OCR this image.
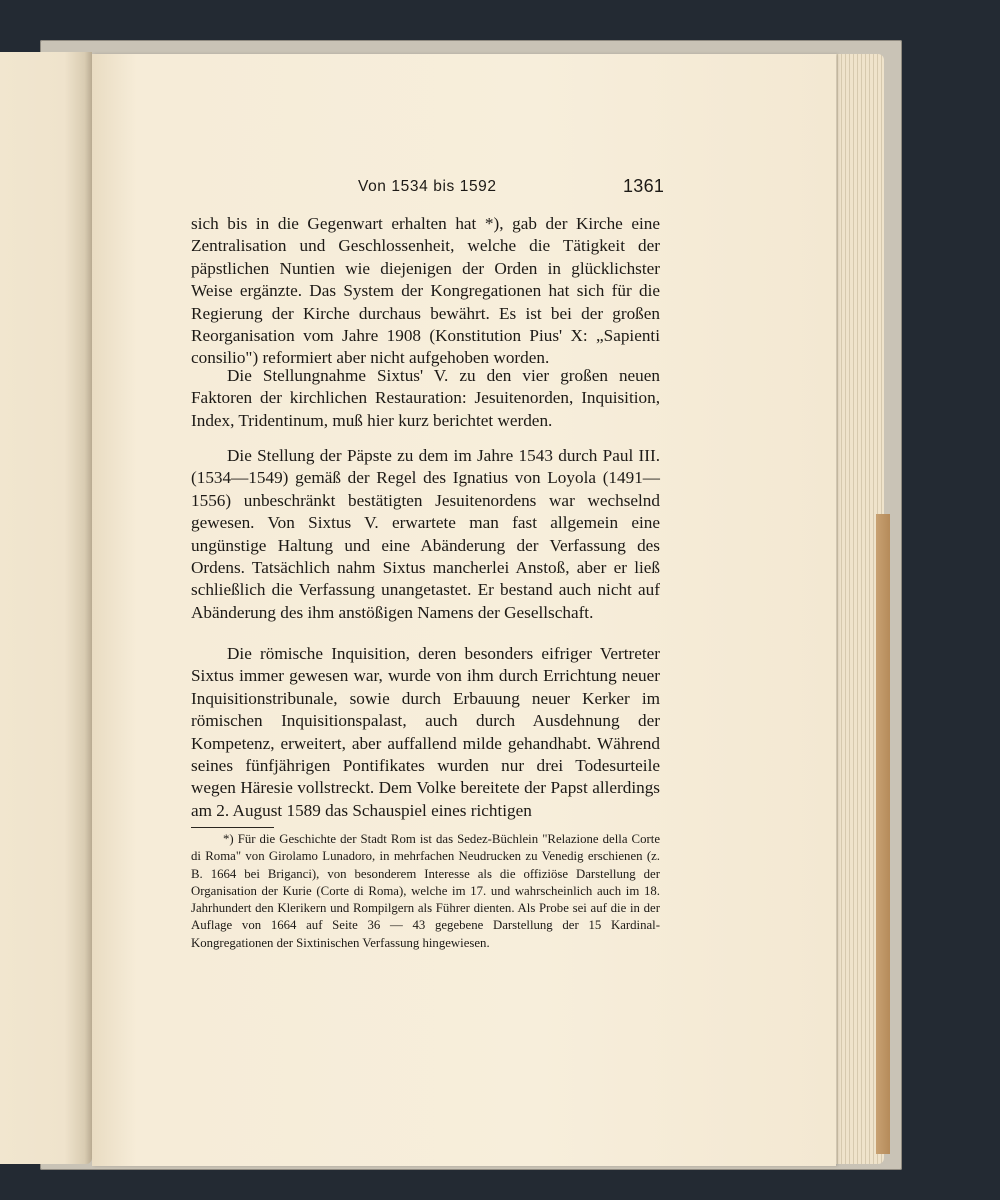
Von 1534 bis 1592	1361

sich bis in die Gegenwart erhalten hat *), gab der Kirche eine Zentralisation und Geschlossenheit, welche die Tätigkeit der päpstlichen Nuntien wie diejenigen der Orden in glücklichster Weise ergänzte. Das System der Kongregationen hat sich für die Regierung der Kirche durchaus bewährt. Es ist bei der großen Reorganisation vom Jahre 1908 (Konstitution Pius' X: „Sapienti consilio") reformiert aber nicht aufgehoben worden.

Die Stellungnahme Sixtus' V. zu den vier großen neuen Faktoren der kirchlichen Restauration: Jesuitenorden, Inquisition, Index, Tridentinum, muß hier kurz berichtet werden.

Die Stellung der Päpste zu dem im Jahre 1543 durch Paul III. (1534—1549) gemäß der Regel des Ignatius von Loyola (1491—1556) unbeschränkt bestätigten Jesuitenordens war wechselnd gewesen. Von Sixtus V. erwartete man fast allgemein eine ungünstige Haltung und eine Abänderung der Verfassung des Ordens. Tatsächlich nahm Sixtus mancherlei Anstoß, aber er ließ schließlich die Verfassung unangetastet. Er bestand auch nicht auf Abänderung des ihm anstößigen Namens der Gesellschaft.

Die römische Inquisition, deren besonders eifriger Vertreter Sixtus immer gewesen war, wurde von ihm durch Errichtung neuer Inquisitionstribunale, sowie durch Erbauung neuer Kerker im römischen Inquisitionspalast, auch durch Ausdehnung der Kompetenz, erweitert, aber auffallend milde gehandhabt. Während seines fünfjährigen Pontifikates wurden nur drei Todesurteile wegen Häresie vollstreckt. Dem Volke bereitete der Papst allerdings am 2. August 1589 das Schauspiel eines richtigen

*) Für die Geschichte der Stadt Rom ist das Sedez-Büchlein "Relazione della Corte di Roma" von Girolamo Lunadoro, in mehrfachen Neudrucken zu Venedig erschienen (z. B. 1664 bei Briganci), von besonderem Interesse als die offiziöse Darstellung der Organisation der Kurie (Corte di Roma), welche im 17. und wahrscheinlich auch im 18. Jahrhundert den Klerikern und Rompilgern als Führer dienten. Als Probe sei auf die in der Auflage von 1664 auf Seite 36 — 43 gegebene Darstellung der 15 Kardinal-Kongregationen der Sixtinischen Verfassung hingewiesen.
